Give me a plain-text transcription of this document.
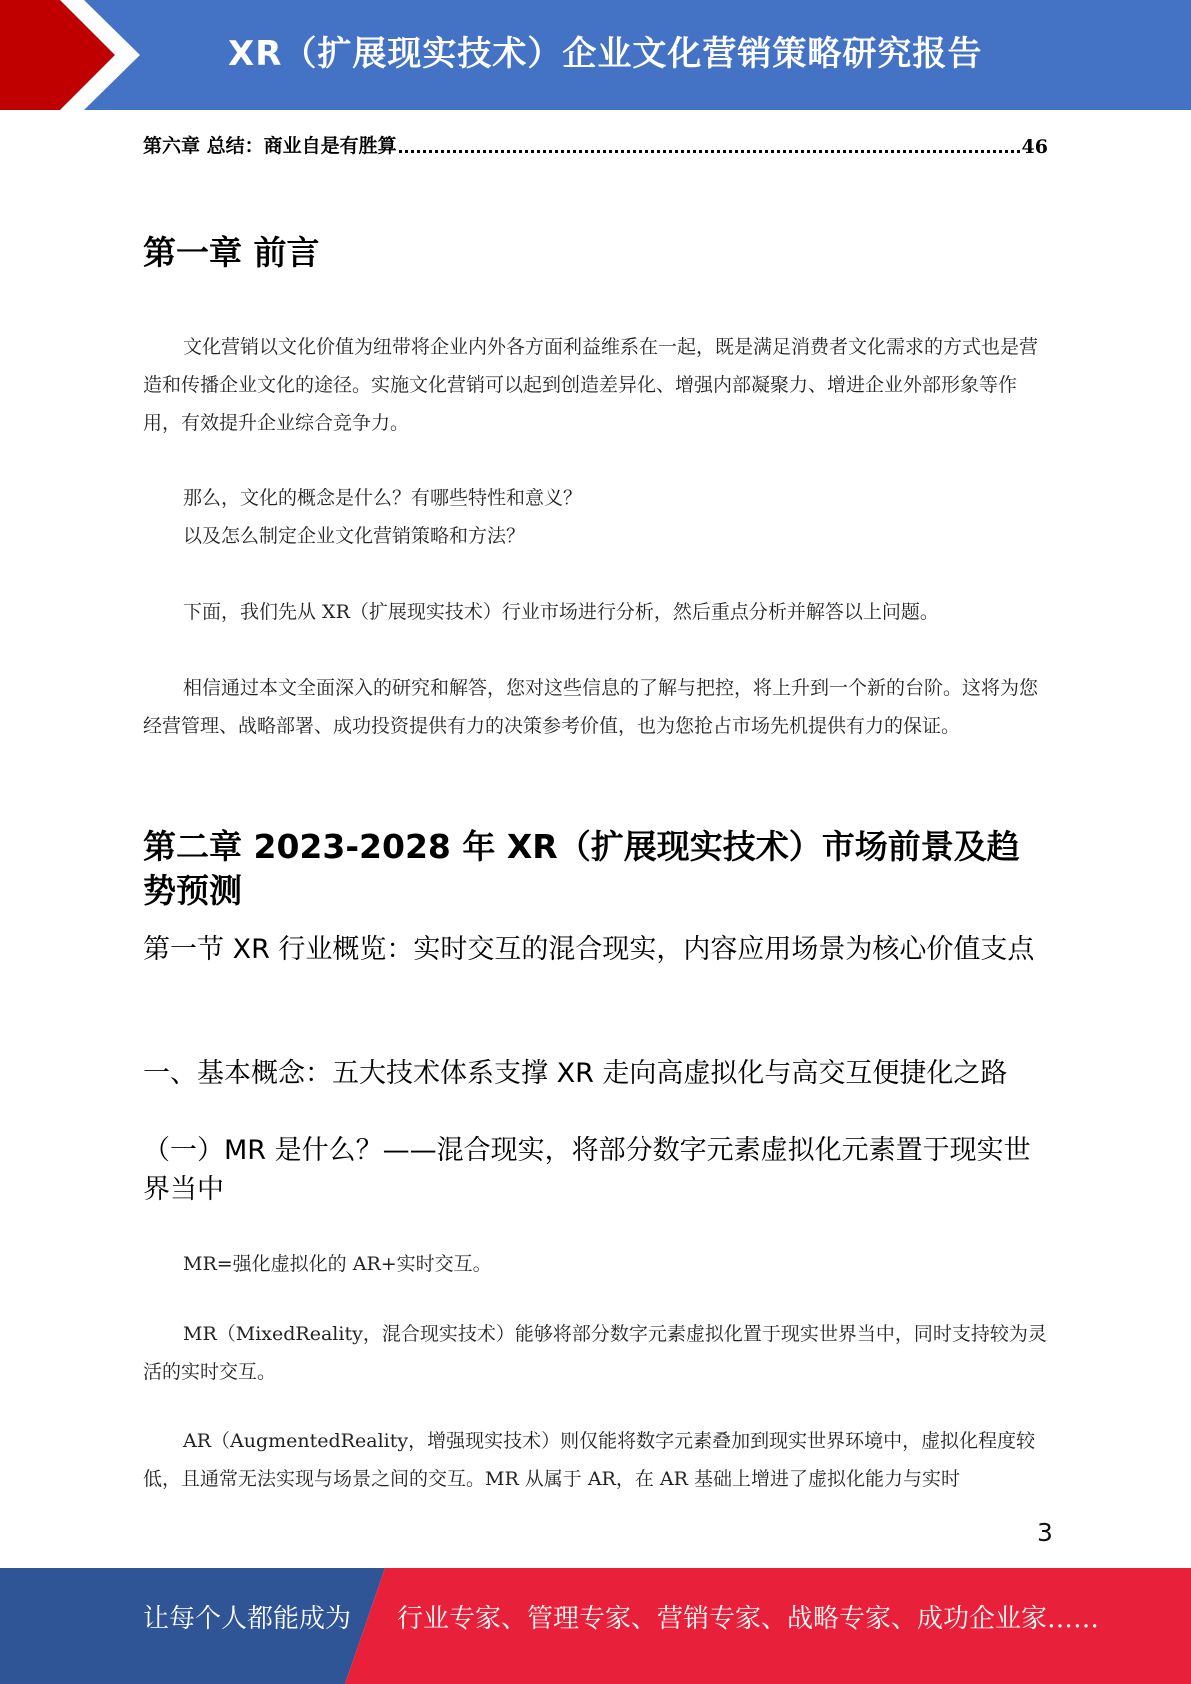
XR（扩展现实技术）企业文化营销策略研究报告
第六章 总结：商业自是有胜算	46
第一章 前言
文化营销以文化价值为纽带将企业内外各方面利益维系在一起，既是满足消费者文化需求的方式也是营造和传播企业文化的途径。实施文化营销可以起到创造差异化、增强内部凝聚力、增进企业外部形象等作用，有效提升企业综合竞争力。
那么，文化的概念是什么？有哪些特性和意义？
以及怎么制定企业文化营销策略和方法？
下面，我们先从 XR（扩展现实技术）行业市场进行分析，然后重点分析并解答以上问题。
相信通过本文全面深入的研究和解答，您对这些信息的了解与把控，将上升到一个新的台阶。这将为您经营管理、战略部署、成功投资提供有力的决策参考价值，也为您抢占市场先机提供有力的保证。
第二章 2023-2028 年 XR（扩展现实技术）市场前景及趋势预测
第一节 XR 行业概览：实时交互的混合现实，内容应用场景为核心价值支点
一、基本概念：五大技术体系支撑 XR 走向高虚拟化与高交互便捷化之路
（一）MR 是什么？——混合现实，将部分数字元素虚拟化元素置于现实世界当中
MR=强化虚拟化的 AR+实时交互。
MR（MixedReality，混合现实技术）能够将部分数字元素虚拟化置于现实世界当中，同时支持较为灵活的实时交互。
AR（AugmentedReality，增强现实技术）则仅能将数字元素叠加到现实世界环境中，虚拟化程度较低，且通常无法实现与场景之间的交互。MR 从属于 AR，在 AR 基础上增进了虚拟化能力与实时
3
让每个人都能成为 行业专家、管理专家、营销专家、战略专家、成功企业家……
